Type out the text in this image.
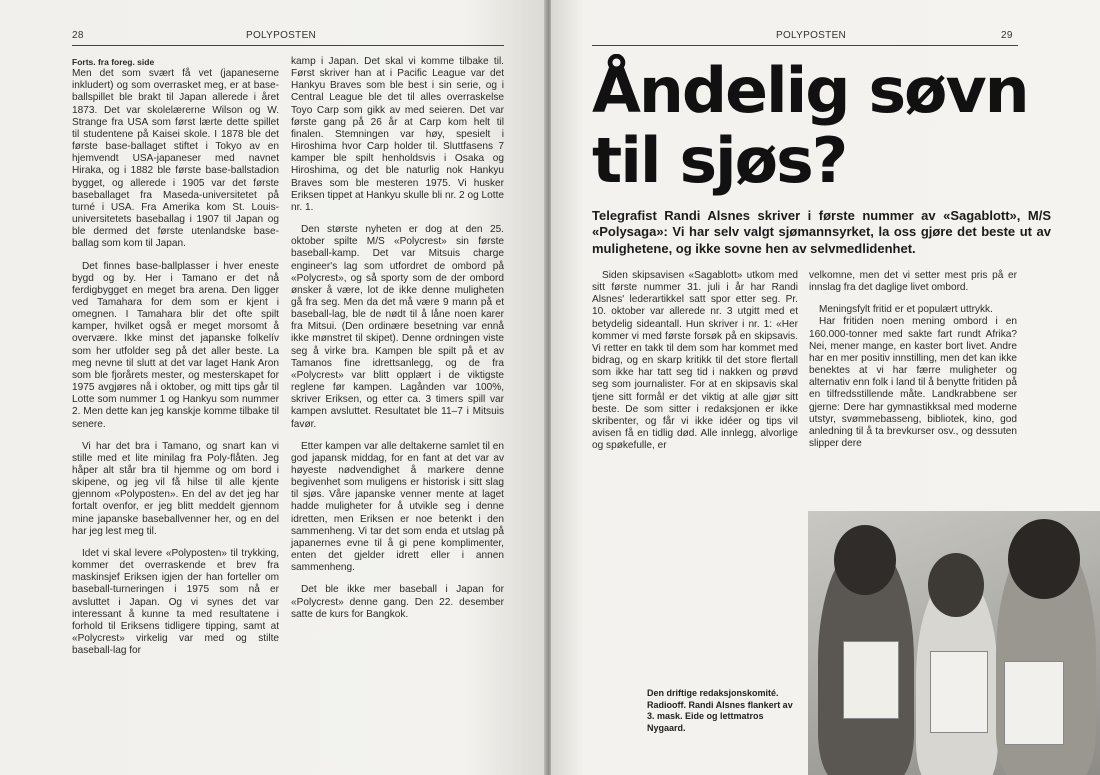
28	POLYPOSTEN

Forts. fra foreg. side
Men det som svært få vet (japaneserne inkludert) og som overrasket meg, er at base-ballspillet ble brakt til Japan allerede i året 1873. Det var skolelærerne Wilson og W. Strange fra USA som først lærte dette spillet til studentene på Kaisei skole. I 1878 ble det første base-ballaget stiftet i Tokyo av en hjemvendt USA-japaneser med navnet Hiraka, og i 1882 ble første base-ballstadion bygget, og allerede i 1905 var det første baseballaget fra Maseda-universitetet på turné i USA. Fra Amerika kom St. Louis-universitetets baseballag i 1907 til Japan og ble dermed det første utenlandske base-ballag som kom til Japan.

Det finnes base-ballplasser i hver eneste bygd og by. Her i Tamano er det nå ferdigbygget en meget bra arena. Den ligger ved Tamahara for dem som er kjent i omegnen. I Tamahara blir det ofte spilt kamper, hvilket også er meget morsomt å overvære. Ikke minst det japanske folkelív som her utfolder seg på det aller beste. La meg nevne til slutt at det var laget Hank Aron som ble fjorårets mester, og mesterskapet for 1975 avgjøres nå i oktober, og mitt tips går til Lotte som nummer 1 og Hankyu som nummer 2. Men dette kan jeg kanskje komme tilbake til senere.

Vi har det bra i Tamano, og snart kan vi stille med et lite minilag fra Poly-flåten. Jeg håper alt står bra til hjemme og om bord i skipene, og jeg vil få hilse til alle kjente gjennom «Polyposten». En del av det jeg har fortalt ovenfor, er jeg blitt meddelt gjennom mine japanske baseballvenner her, og en del har jeg lest meg til.

Idet vi skal levere «Polyposten» til trykking, kommer det overraskende et brev fra maskinsjef Eriksen igjen der han forteller om baseball-turneringen i 1975 som nå er avsluttet i Japan. Og vi synes det var interessant å kunne ta med resultatene i forhold til Eriksens tidligere tipping, samt at «Polycrest» virkelig var med og stilte baseball-lag for

kamp i Japan. Det skal vi komme tilbake til. Først skriver han at i Pacific League var det Hankyu Braves som ble best i sin serie, og i Central League ble det til alles overraskelse Toyo Carp som gikk av med seieren. Det var første gang på 26 år at Carp kom helt til finalen. Stemningen var høy, spesielt i Hiroshima hvor Carp holder til. Sluttfasens 7 kamper ble spilt henholdsvis i Osaka og Hiroshima, og det ble naturlig nok Hankyu Braves som ble mesteren 1975. Vi husker Eriksen tippet at Hankyu skulle bli nr. 2 og Lotte nr. 1.

Den største nyheten er dog at den 25. oktober spilte M/S «Polycrest» sin første baseball-kamp. Det var Mitsuis charge engineer's lag som utfordret de ombord på «Polycrest», og så sporty som de der ombord ønsker å være, lot de ikke denne muligheten gå fra seg. Men da det må være 9 mann på et baseball-lag, ble de nødt til å låne noen karer fra Mitsui. (Den ordinære besetning var ennå ikke mønstret til skipet). Denne ordningen viste seg å virke bra. Kampen ble spilt på et av Tamanos fine idrettsanlegg, og de fra «Polycrest» var blitt opplært i de viktigste reglene før kampen. Lagånden var 100%, skriver Eriksen, og etter ca. 3 timers spill var kampen avsluttet. Resultatet ble 11–7 i Mitsuis favør.

Etter kampen var alle deltakerne samlet til en god japansk middag, for en fant at det var av høyeste nødvendighet å markere denne begivenhet som muligens er historisk i sitt slag til sjøs. Våre japanske venner mente at laget hadde muligheter for å utvikle seg i denne idretten, men Eriksen er noe betenkt i den sammenheng. Vi tar det som enda et utslag på japanernes evne til å gi pene komplimenter, enten det gjelder idrett eller i annen sammenheng.

Det ble ikke mer baseball i Japan for «Polycrest» denne gang. Den 22. desember satte de kurs for Bangkok.

POLYPOSTEN	29
Åndelig søvn til sjøs?
Telegrafist Randi Alsnes skriver i første nummer av «Sagablott», M/S «Polysaga»: Vi har selv valgt sjømannsyrket, la oss gjøre det beste ut av mulighetene, og ikke sovne hen av selvmedlidenhet.

Siden skipsavisen «Sagablott» utkom med sitt første nummer 31. juli i år har Randi Alsnes' lederartikkel satt spor etter seg. Pr. 10. oktober var allerede nr. 3 utgitt med et betydelig sideantall. Hun skriver i nr. 1: «Her kommer vi med første forsøk på en skipsavis. Vi retter en takk til dem som har kommet med bidrag, og en skarp kritikk til det store flertall som ikke har tatt seg tid i nakken og prøvd seg som journalister. For at en skipsavis skal tjene sitt formål er det viktig at alle gjør sitt beste. De som sitter i redaksjonen er ikke skribenter, og får vi ikke idéer og tips vil avisen få en tidlig død. Alle innlegg, alvorlige og spøkefulle, er

velkomne, men det vi setter mest pris på er innslag fra det daglige livet ombord.

Meningsfylt fritid er et populært uttrykk.

Har fritiden noen mening ombord i en 160.000-tonner med sakte fart rundt Afrika? Nei, mener mange, en kaster bort livet. Andre har en mer positiv innstilling, men det kan ikke benektes at vi har færre muligheter og alternativ enn folk i land til å benytte fritiden på en tilfredsstillende måte. Landkrabbene ser gjerne: Dere har gymnastikksal med moderne utstyr, svømmebasseng, bibliotek, kino, god anledning til å ta brevkurser osv., og dessuten slipper dere

Den driftige redaksjonskomité. Radiooff. Randi Alsnes flankert av 3. mask. Eide og lettmatros Nygaard.
